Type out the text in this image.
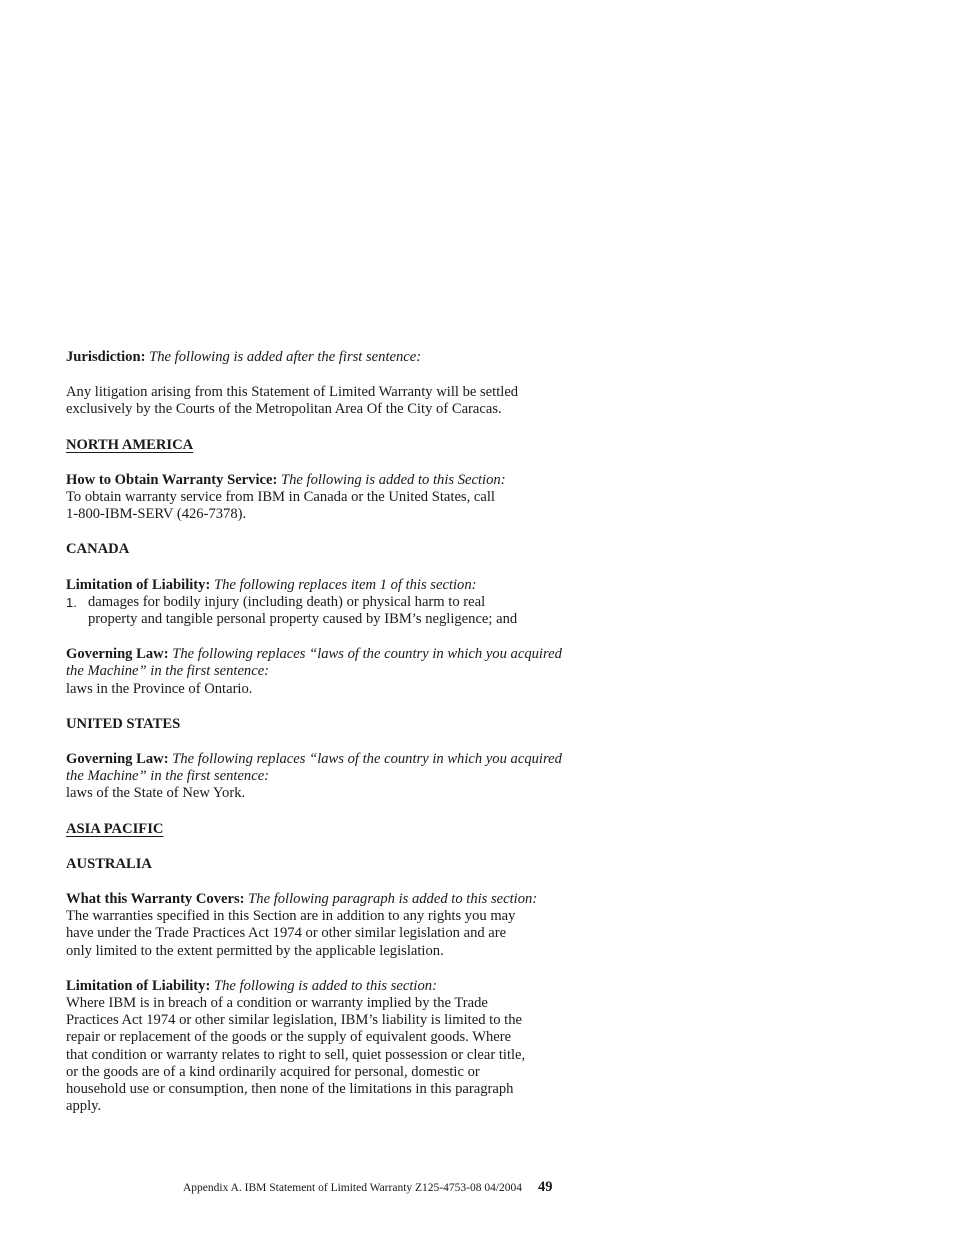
Jurisdiction: The following is added after the first sentence:

Any litigation arising from this Statement of Limited Warranty will be settled
exclusively by the Courts of the Metropolitan Area Of the City of Caracas.

NORTH AMERICA

How to Obtain Warranty Service: The following is added to this Section:

To obtain warranty service from IBM in Canada or the United States, call
1-800-IBM-SERV (426-7378).

CANADA

Limitation of Liability: The following replaces item 1 of this section:

1. damages for bodily injury (including death) or physical harm to real
property and tangible personal property caused by IBM’s negligence; and

Governing Law: The following replaces “laws of the country in which you acquired
the Machine” in the first sentence:

laws in the Province of Ontario.

UNITED STATES

Governing Law: The following replaces “laws of the country in which you acquired
the Machine” in the first sentence:

laws of the State of New York.

ASIA PACIFIC

AUSTRALIA

What this Warranty Covers: The following paragraph is added to this section:

The warranties specified in this Section are in addition to any rights you may
have under the Trade Practices Act 1974 or other similar legislation and are
only limited to the extent permitted by the applicable legislation.

Limitation of Liability: The following is added to this section:

Where IBM is in breach of a condition or warranty implied by the Trade
Practices Act 1974 or other similar legislation, IBM’s liability is limited to the
repair or replacement of the goods or the supply of equivalent goods. Where
that condition or warranty relates to right to sell, quiet possession or clear title,
or the goods are of a kind ordinarily acquired for personal, domestic or
household use or consumption, then none of the limitations in this paragraph
apply.

Appendix A. IBM Statement of Limited Warranty Z125-4753-08 04/2004 49
